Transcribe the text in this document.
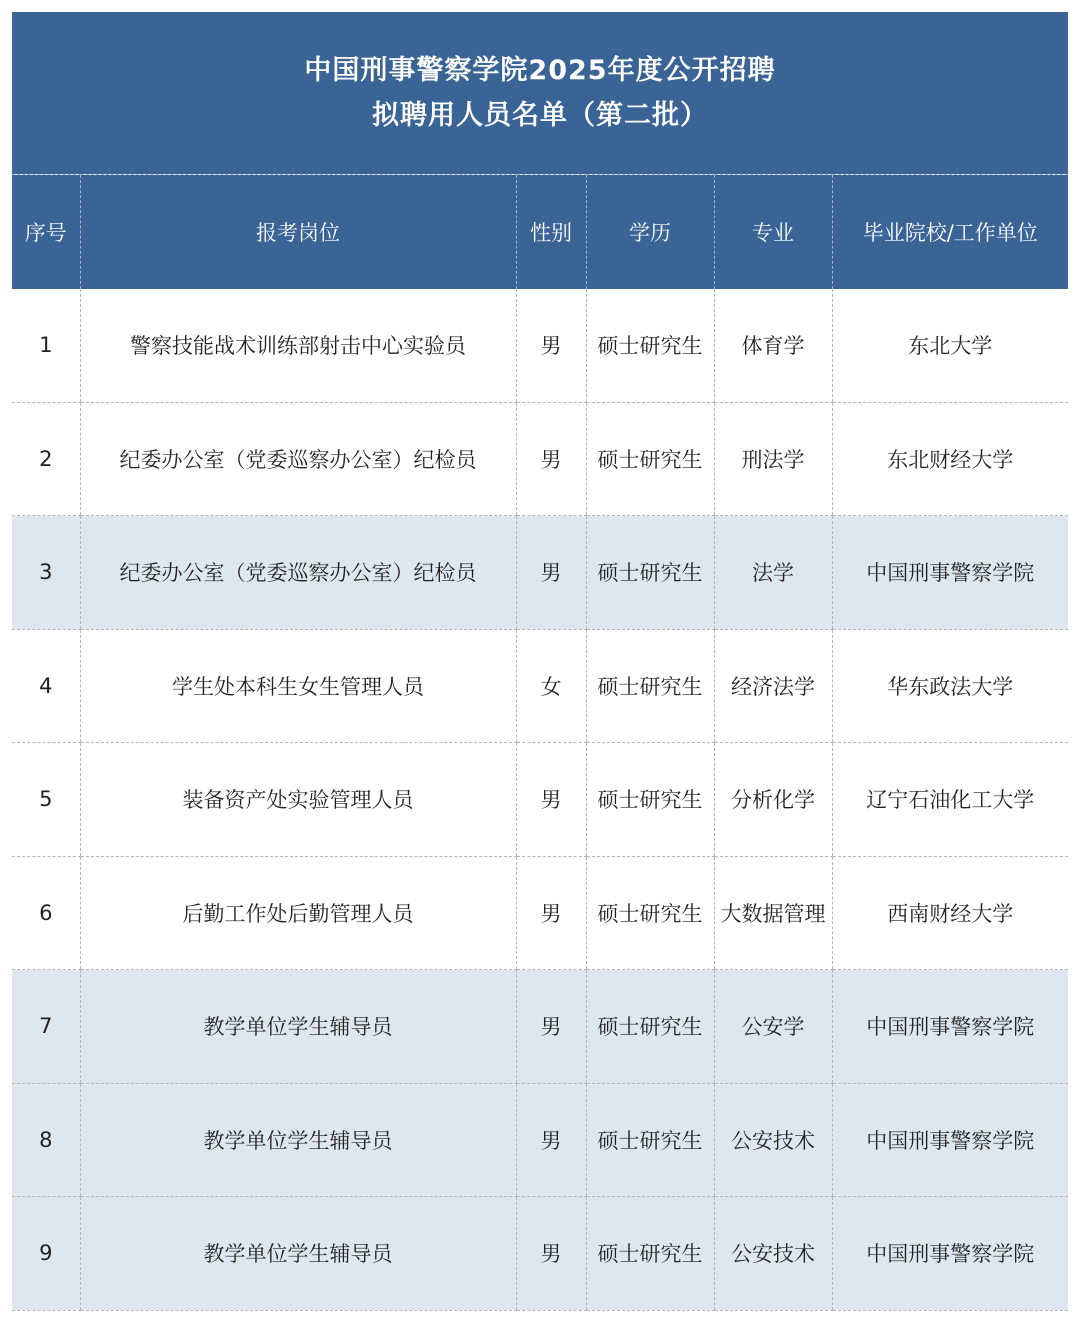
中国刑事警察学院2025年度公开招聘
拟聘用人员名单（第二批）
序号	报考岗位	性别	学历	专业	毕业院校/工作单位
1	警察技能战术训练部射击中心实验员	男	硕士研究生	体育学	东北大学
2	纪委办公室（党委巡察办公室）纪检员	男	硕士研究生	刑法学	东北财经大学
3	纪委办公室（党委巡察办公室）纪检员	男	硕士研究生	法学	中国刑事警察学院
4	学生处本科生女生管理人员	女	硕士研究生	经济法学	华东政法大学
5	装备资产处实验管理人员	男	硕士研究生	分析化学	辽宁石油化工大学
6	后勤工作处后勤管理人员	男	硕士研究生	大数据管理	西南财经大学
7	教学单位学生辅导员	男	硕士研究生	公安学	中国刑事警察学院
8	教学单位学生辅导员	男	硕士研究生	公安技术	中国刑事警察学院
9	教学单位学生辅导员	男	硕士研究生	公安技术	中国刑事警察学院
